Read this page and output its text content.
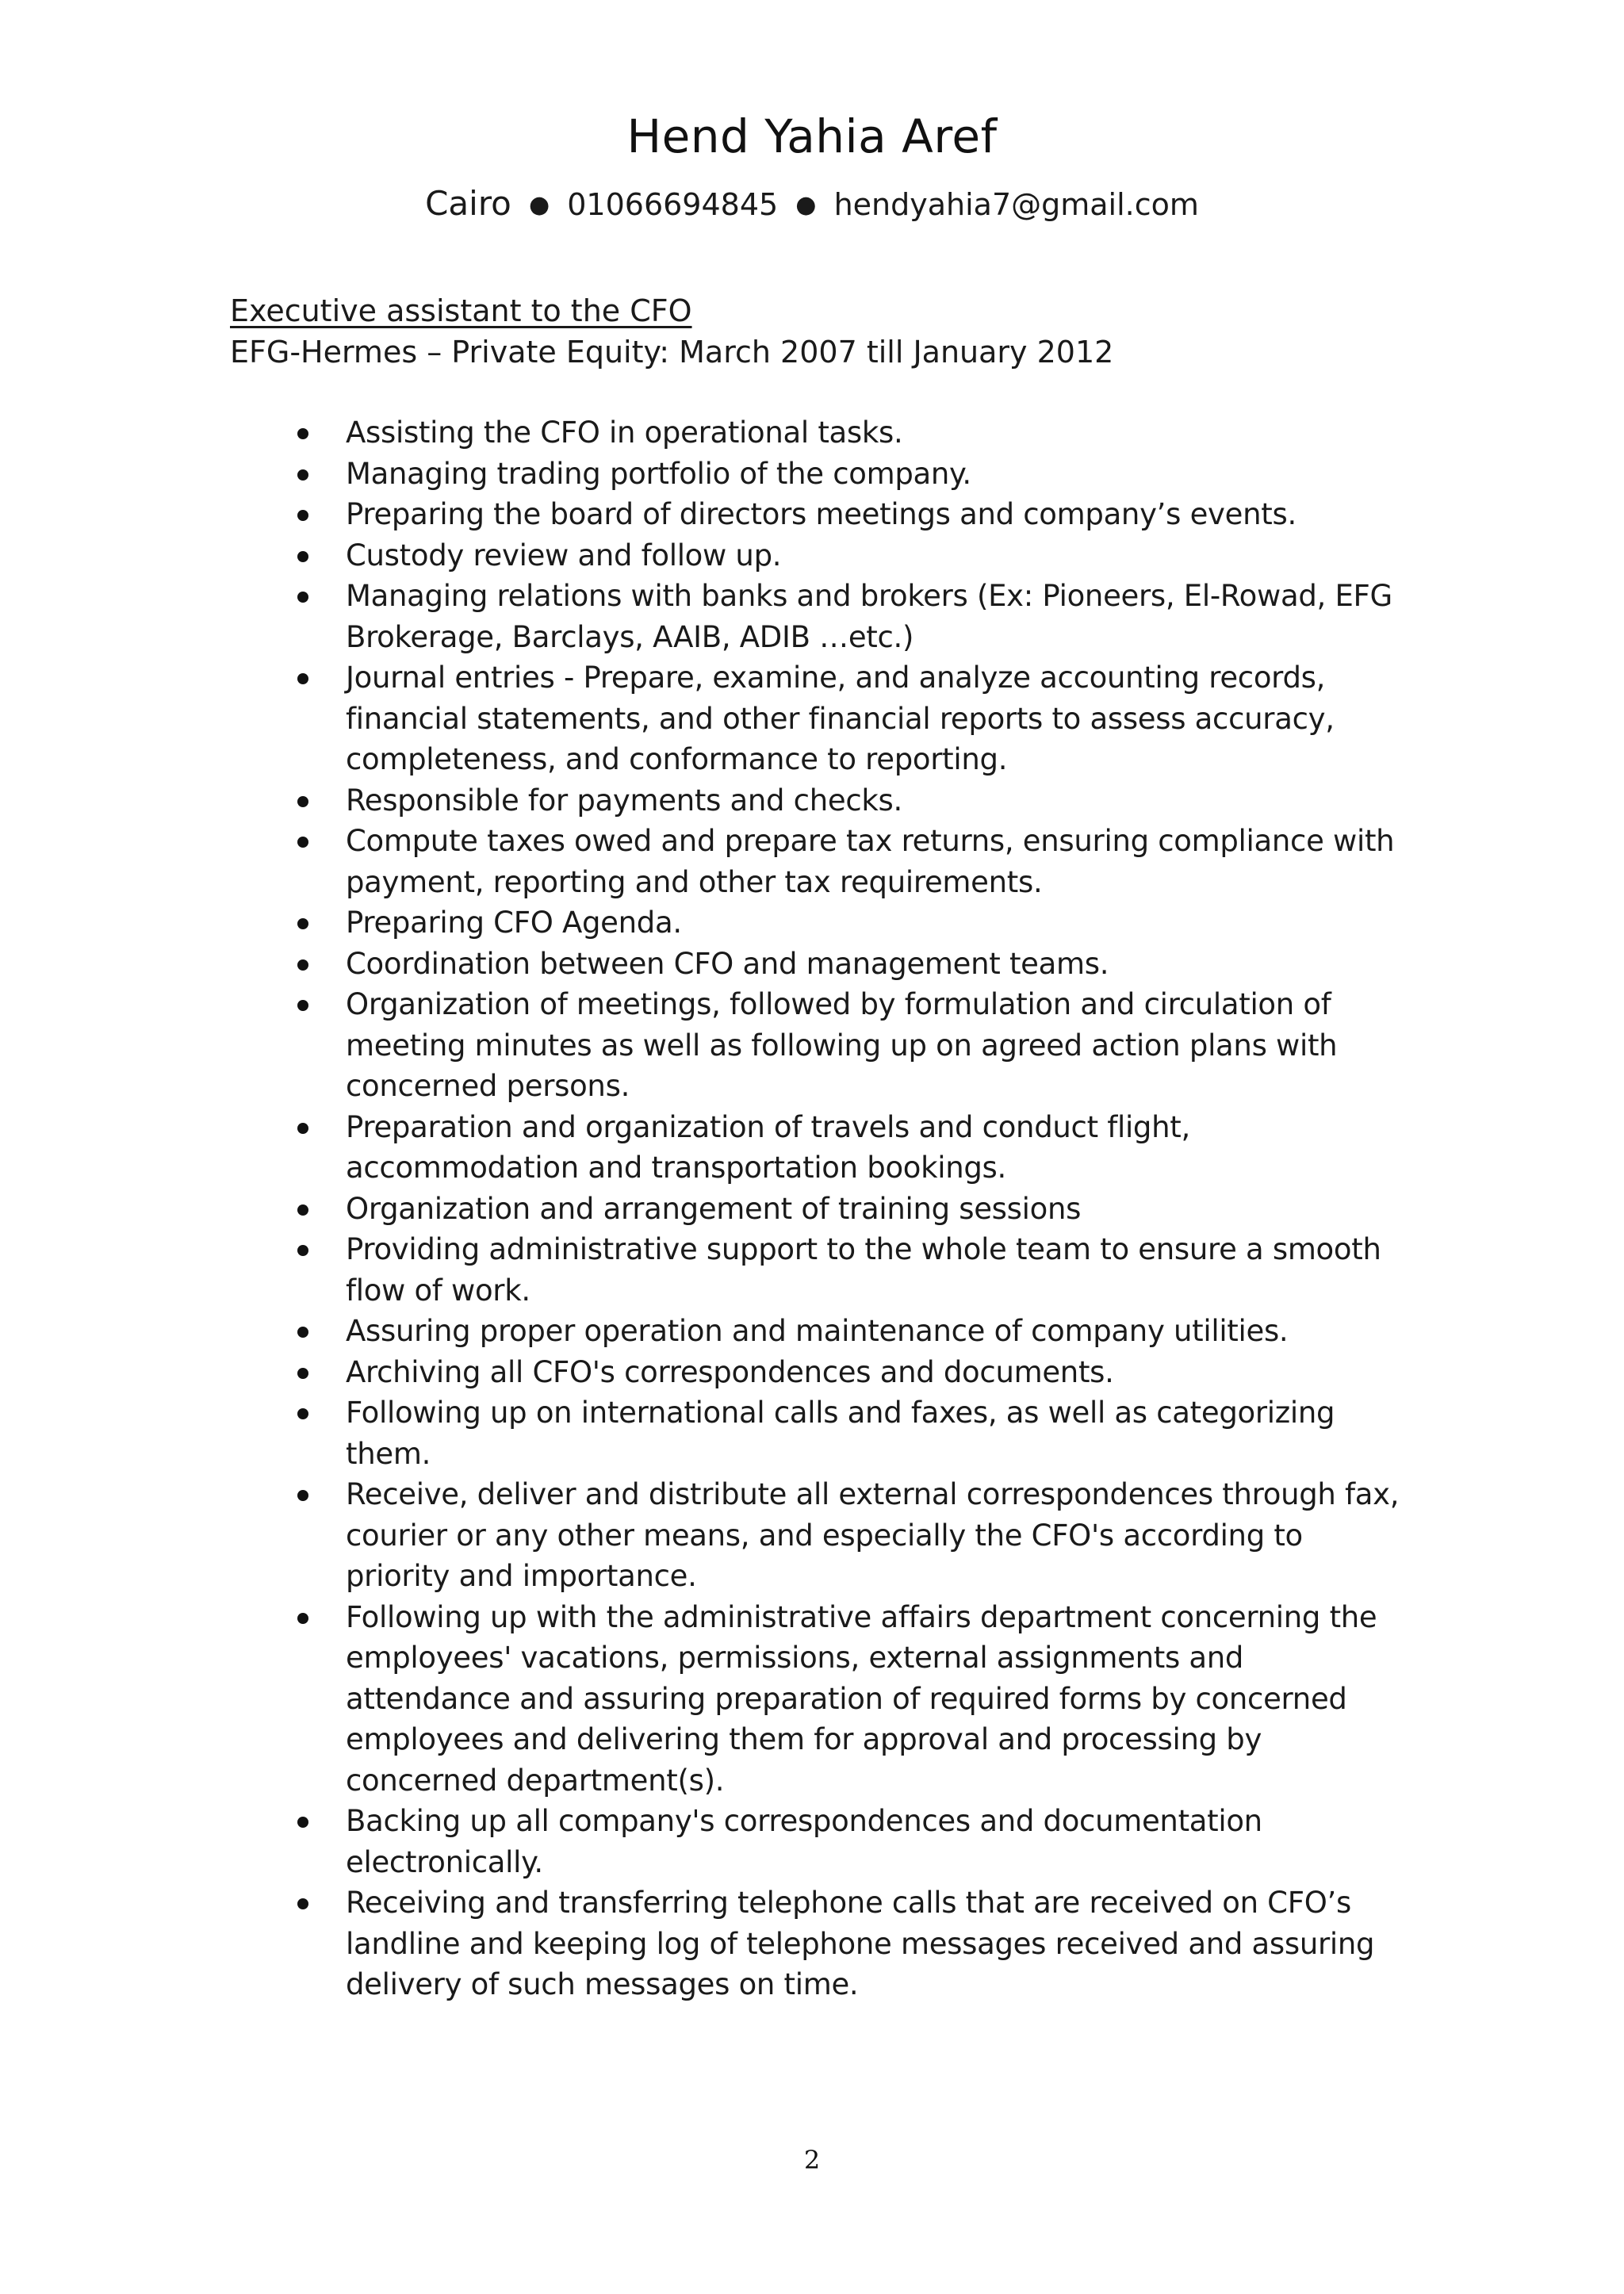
Hend Yahia Aref
Cairo ● 01066694845 ● hendyahia7@gmail.com

Executive assistant to the CFO

EFG-Hermes – Private Equity: March 2007 till January 2012

Assisting the CFO in operational tasks.
Managing trading portfolio of the company.
Preparing the board of directors meetings and company’s events.
Custody review and follow up.
Managing relations with banks and brokers (Ex: Pioneers, El-Rowad, EFG Brokerage, Barclays, AAIB, ADIB …etc.)
Journal entries - Prepare, examine, and analyze accounting records, financial statements, and other financial reports to assess accuracy, completeness, and conformance to reporting.
Responsible for payments and checks.
Compute taxes owed and prepare tax returns, ensuring compliance with payment, reporting and other tax requirements.
Preparing CFO Agenda.
Coordination between CFO and management teams.
Organization of meetings, followed by formulation and circulation of meeting minutes as well as following up on agreed action plans with concerned persons.
Preparation and organization of travels and conduct flight, accommodation and transportation bookings.
Organization and arrangement of training sessions
Providing administrative support to the whole team to ensure a smooth flow of work.
Assuring proper operation and maintenance of company utilities.
Archiving all CFO's correspondences and documents.
Following up on international calls and faxes, as well as categorizing them.
Receive, deliver and distribute all external correspondences through fax, courier or any other means, and especially the CFO's according to priority and importance.
Following up with the administrative affairs department concerning the employees' vacations, permissions, external assignments and attendance and assuring preparation of required forms by concerned employees and delivering them for approval and processing by concerned department(s).
Backing up all company's correspondences and documentation electronically.
Receiving and transferring telephone calls that are received on CFO’s landline and keeping log of telephone messages received and assuring delivery of such messages on time.
2
